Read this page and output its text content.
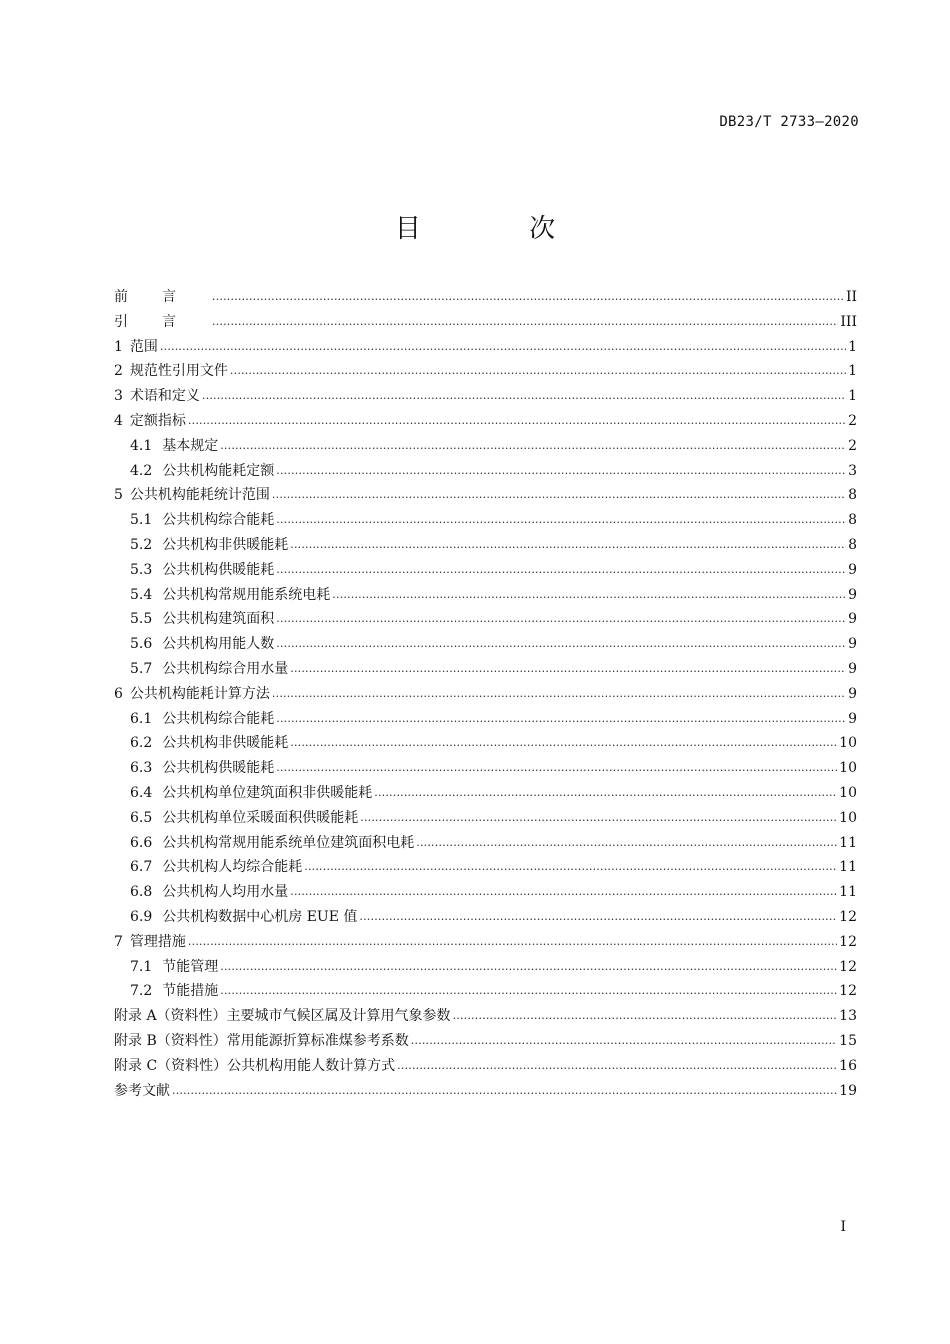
DB23/T 2733—2020
目 次
前言 .....	II
引言 .....	III
1 范围 .....	1
2 规范性引用文件 .....	1
3 术语和定义 .....	1
4 定额指标 .....	2
4.1 基本规定 .....	2
4.2 公共机构能耗定额 .....	3
5 公共机构能耗统计范围 .....	8
5.1 公共机构综合能耗 .....	8
5.2 公共机构非供暖能耗 .....	8
5.3 公共机构供暖能耗 .....	9
5.4 公共机构常规用能系统电耗 .....	9
5.5 公共机构建筑面积 .....	9
5.6 公共机构用能人数 .....	9
5.7 公共机构综合用水量 .....	9
6 公共机构能耗计算方法 .....	9
6.1 公共机构综合能耗 .....	9
6.2 公共机构非供暖能耗 .....	10
6.3 公共机构供暖能耗 .....	10
6.4 公共机构单位建筑面积非供暖能耗 .....	10
6.5 公共机构单位采暖面积供暖能耗 .....	10
6.6 公共机构常规用能系统单位建筑面积电耗 .....	11
6.7 公共机构人均综合能耗 .....	11
6.8 公共机构人均用水量 .....	11
6.9 公共机构数据中心机房 EUE 值 .....	12
7 管理措施 .....	12
7.1 节能管理 .....	12
7.2 节能措施 .....	12
附录 A（资料性）主要城市气候区属及计算用气象参数 .....	13
附录 B（资料性）常用能源折算标准煤参考系数 .....	15
附录 C（资料性）公共机构用能人数计算方式 .....	16
参考文献 .....	19
I
